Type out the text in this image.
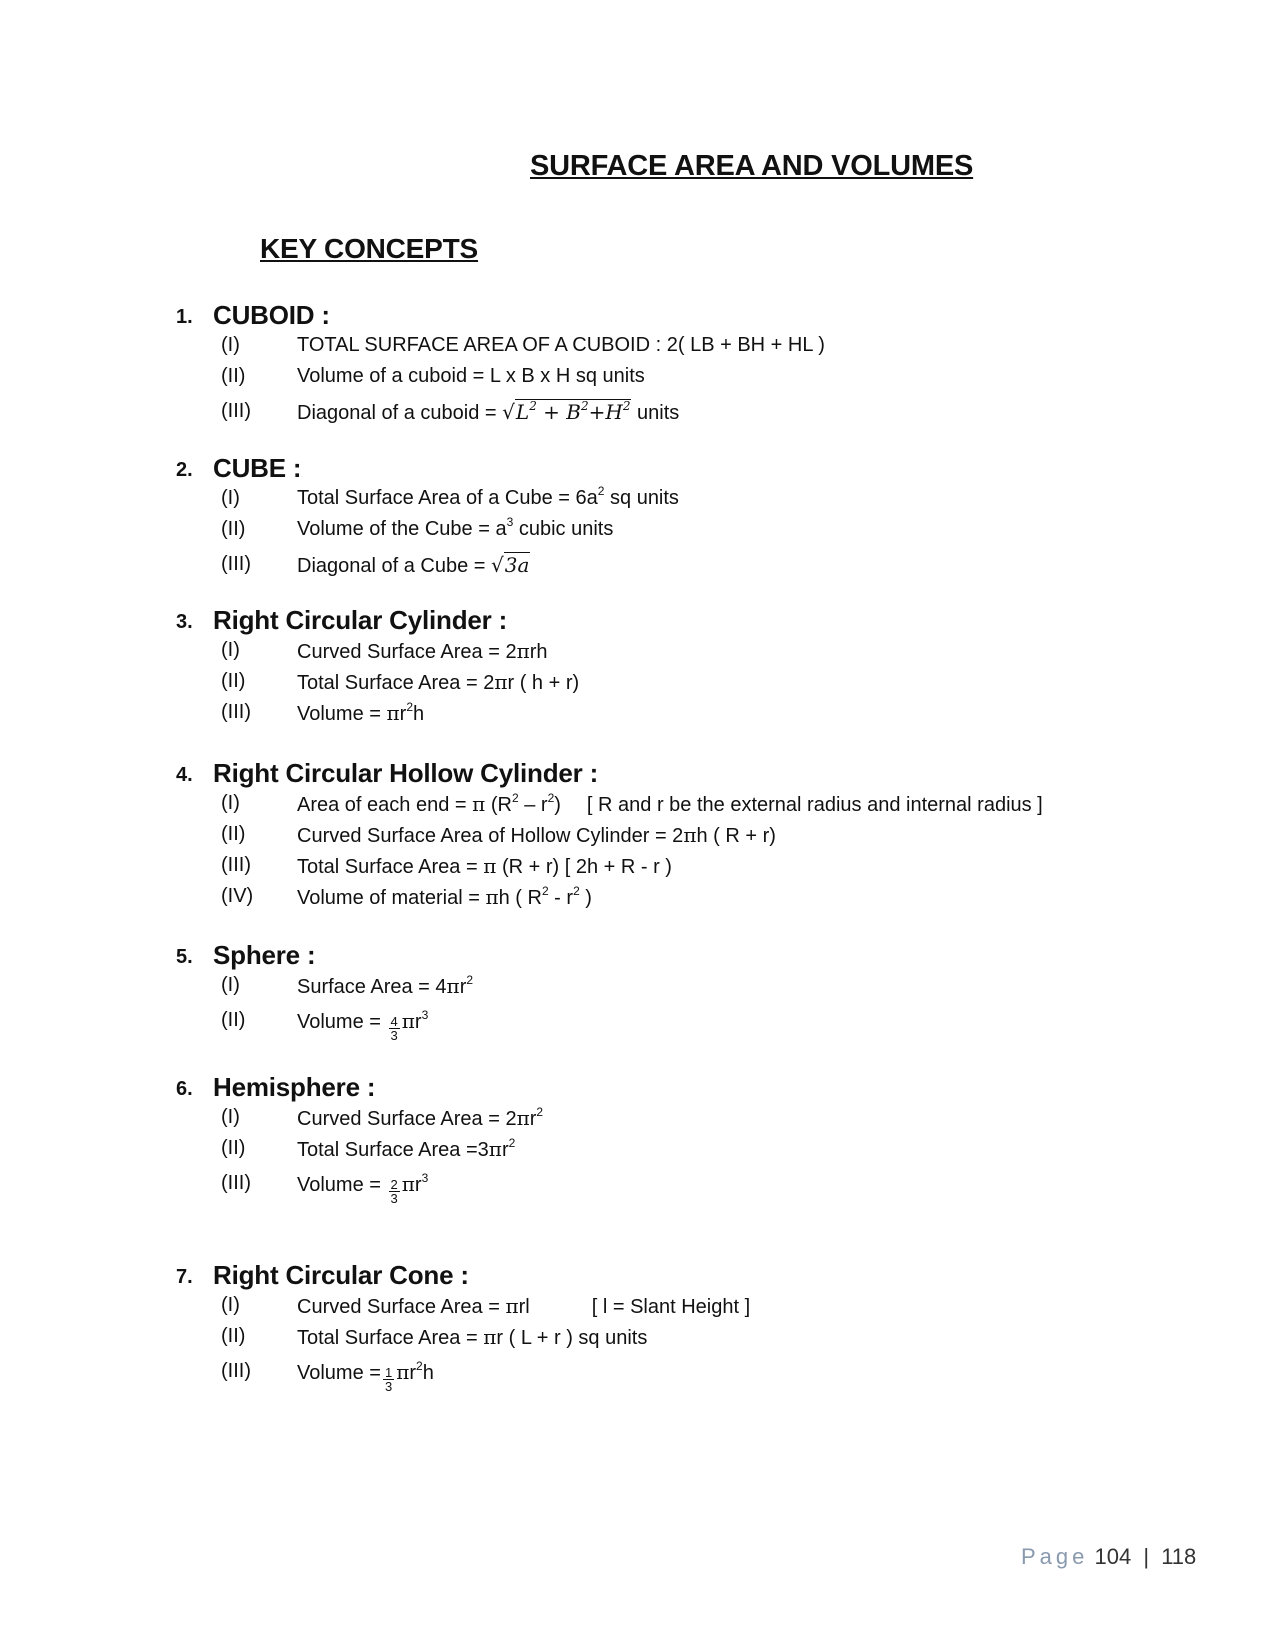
SURFACE AREA AND VOLUMES
KEY CONCEPTS
1. CUBOID :
(I)	TOTAL SURFACE AREA OF A CUBOID : 2( LB + BH + HL )
(II)	Volume of a cuboid = L x B x H sq units
(III) Diagonal of a cuboid = $√L^2 + B^2+H^2$ units
2. CUBE :
(I)	Total Surface Area of a Cube = $6a^2$ sq units
(II)	Volume of the Cube = $a^3$ cubic units
(III) Diagonal of a Cube = √3a
3. Right Circular Cylinder :
(I)	Curved Surface Area = 2πrh
(II)	Total Surface Area = 2πr ( h + r)
(III) Volume = $\pi r^2h$
4. Right Circular Hollow Cylinder :
(I)	Area of each end = π $(R^2 - r^2)$ [ R and r be the external radius and internal radius ]
(II)	Curved Surface Area of Hollow Cylinder = 2πh ( R + r)
(III) Total Surface Area = π (R + r) [ 2h + R - r )
(IV) Volume of material = πh ( $R^2 - r^2$ )
5. Sphere :
(I)	Surface Area = $4\pi r^2$
(II)	Volume = $\frac{4}{3} \pi r^3$
6. Hemisphere :
(I)	Curved Surface Area = $2\pi r^2$
(II)	Total Surface Area $=3\pi r^2$
(III) Volume = $\frac{2}{3} \pi r^3$
7. Right Circular Cone :
(I)	Curved Surface Area = πrl	[ l = Slant Height ]
(II)	Total Surface Area = πr ( L + r ) sq units
(III) Volume = $\frac{1}{3} \pi r^2h$
Page 104 | 118
